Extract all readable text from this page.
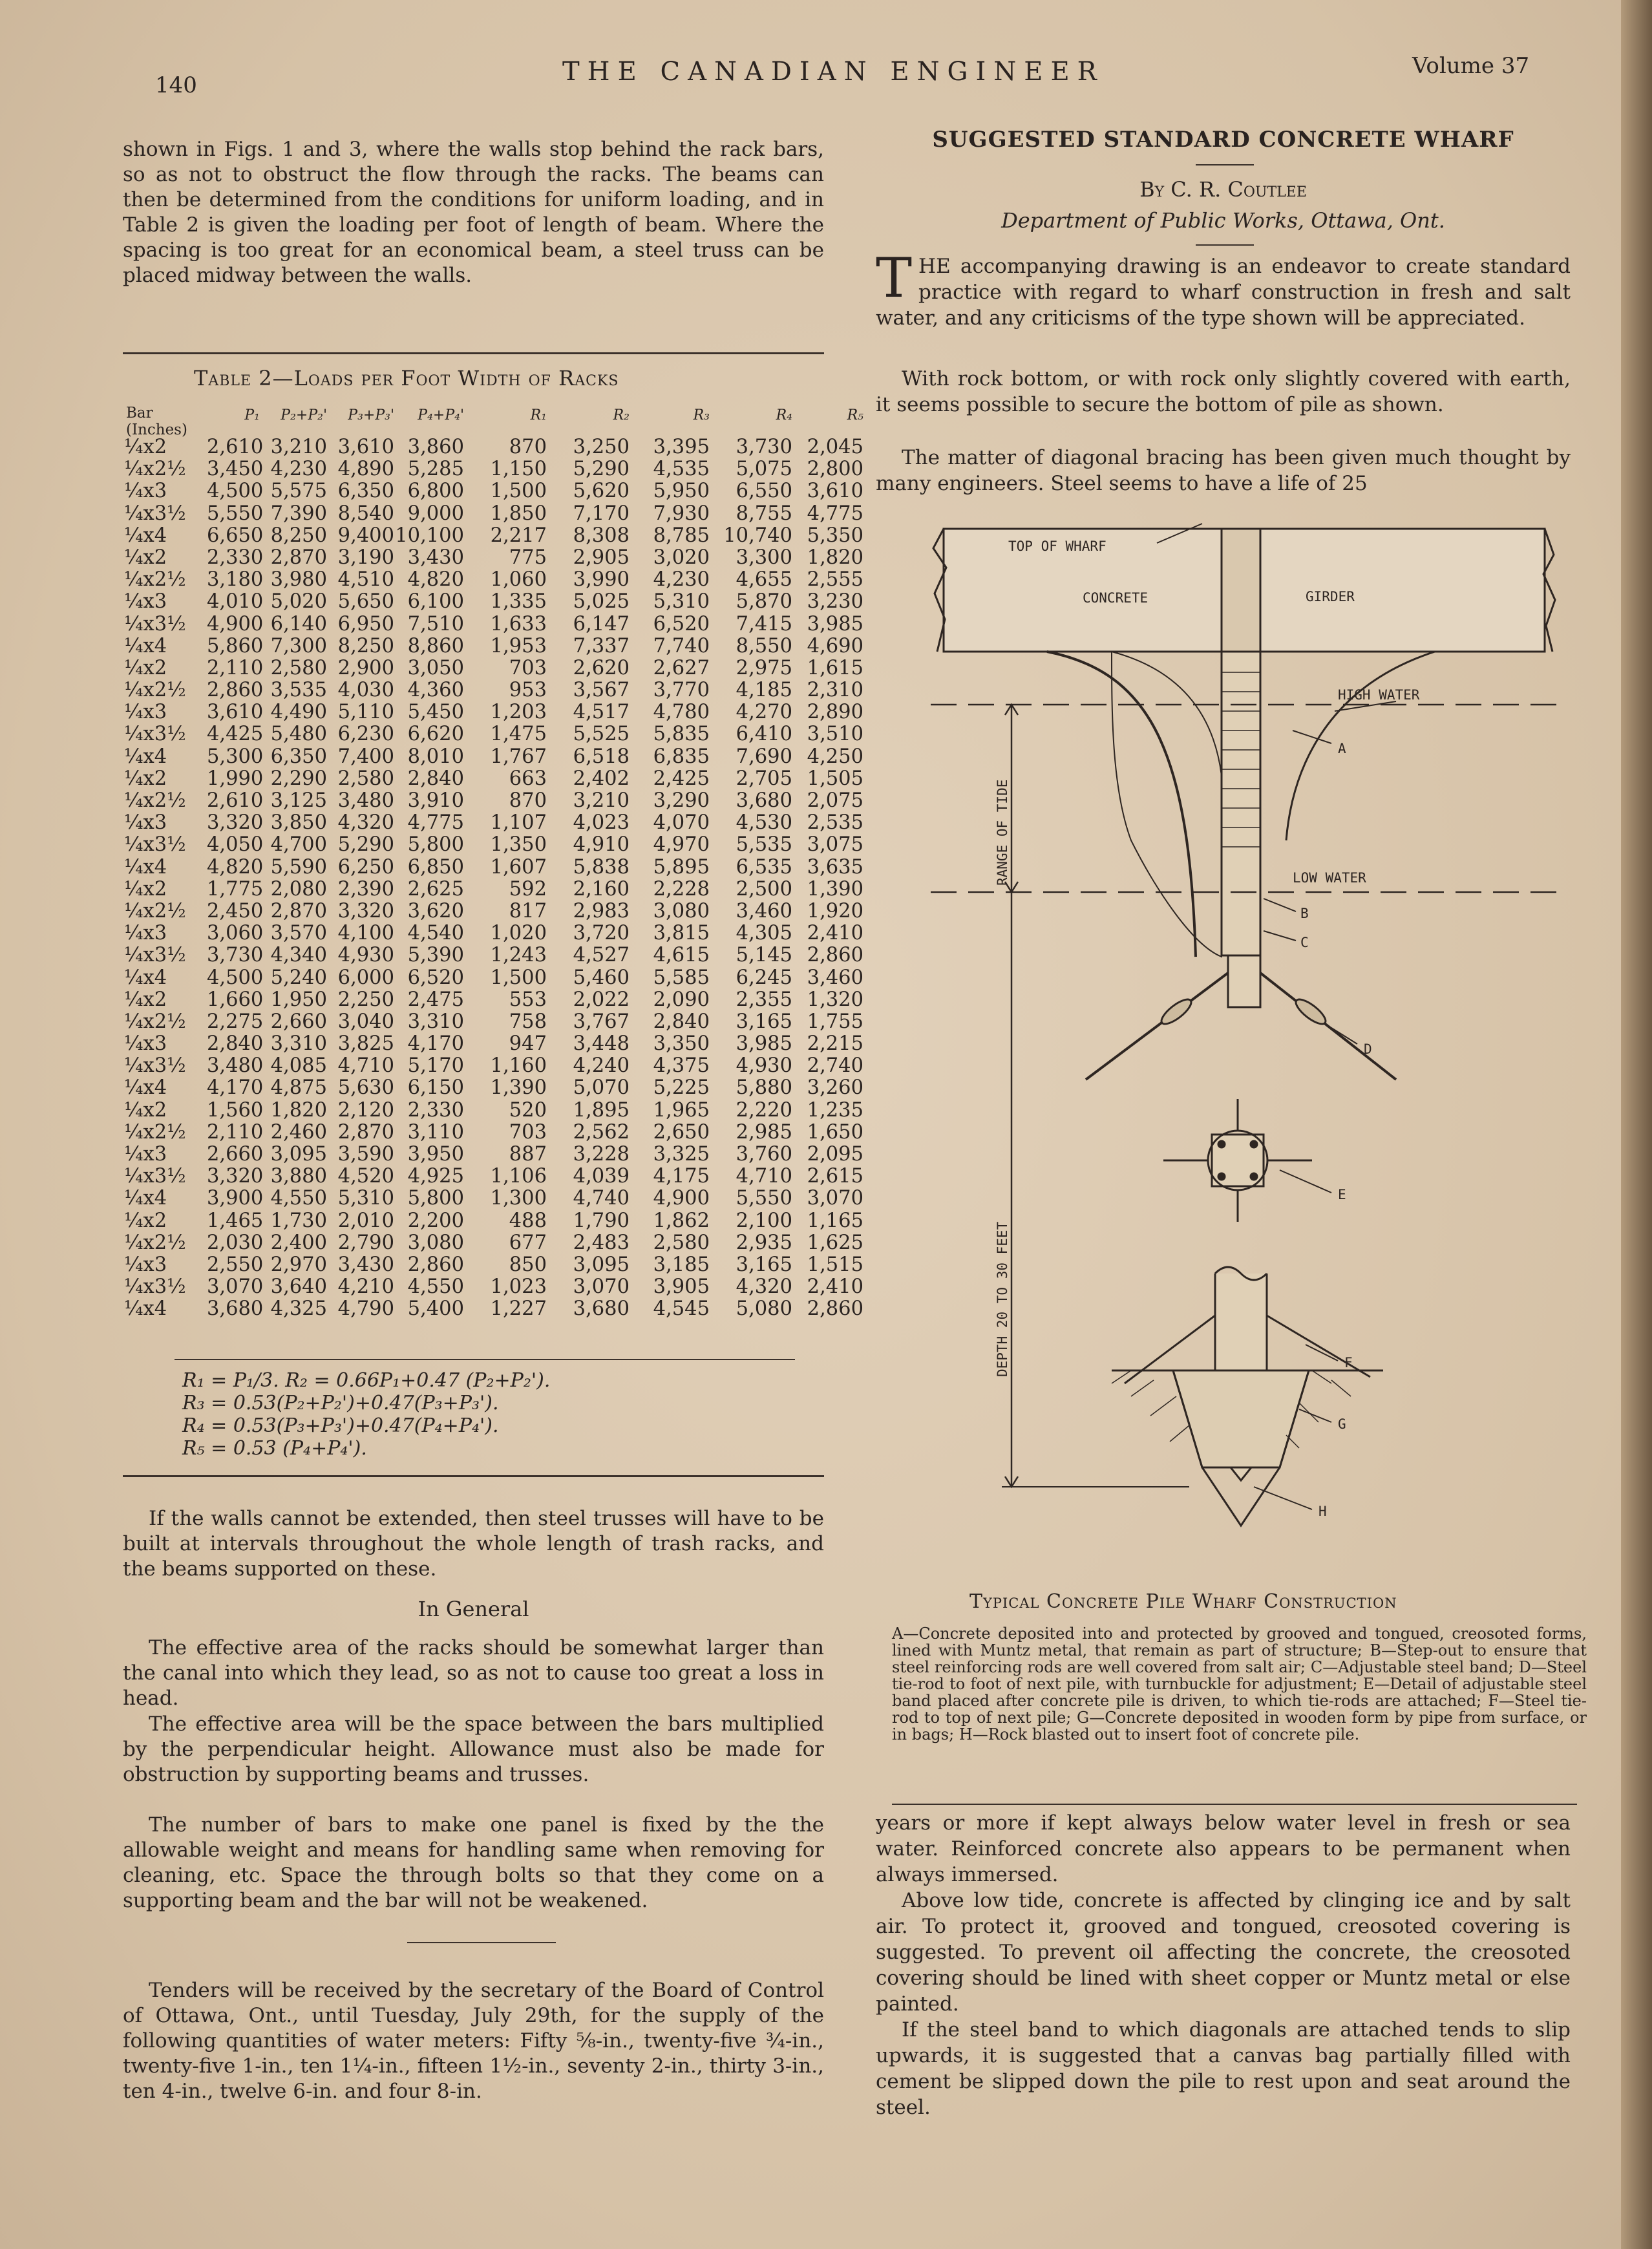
140	THE CANADIAN ENGINEER	Volume 37

shown in Figs. 1 and 3, where the walls stop behind the rack bars, so as not to obstruct the flow through the racks. The beams can then be determined from the conditions for uniform loading, and in Table 2 is given the loading per foot of length of beam. Where the spacing is too great for an economical beam, a steel truss can be placed midway between the walls.

Table 2—Loads per Foot Width of Racks
Bar
(Inches)
P₁	P₂+P₂'	P₃+P₃'	P₄+P₄'	R₁	R₂	R₃	R₄	R₅
¼x2	2,610 3,210 3,610 3,860	870	3,250	3,395	3,730 2,045
¼x2½	3,450 4,230 4,890 5,285	1,150	5,290	4,535	5,075 2,800
¼x3	4,500 5,575 6,350 6,800	1,500	5,620	5,950	6,550 3,610
¼x3½	5,550 7,390 8,540 9,000	1,850	7,170	7,930	8,755 4,775
¼x4	6,650 8,250 9,400 10,100	2,217	8,308	8,785 10,740 5,350
¼x2	2,330 2,870 3,190 3,430	775	2,905	3,020	3,300 1,820
¼x2½	3,180 3,980 4,510 4,820	1,060	3,990	4,230	4,655 2,555
¼x3	4,010 5,020 5,650 6,100	1,335	5,025	5,310	5,870 3,230
¼x3½	4,900 6,140 6,950 7,510	1,633	6,147	6,520	7,415 3,985
¼x4	5,860 7,300 8,250 8,860	1,953	7,337	7,740	8,550 4,690
¼x2	2,110 2,580 2,900 3,050	703	2,620	2,627	2,975 1,615
¼x2½	2,860 3,535 4,030 4,360	953	3,567	3,770	4,185 2,310
¼x3	3,610 4,490 5,110 5,450	1,203	4,517	4,780	4,270 2,890
¼x3½	4,425 5,480 6,230 6,620	1,475	5,525	5,835	6,410 3,510
¼x4	5,300 6,350 7,400 8,010	1,767	6,518	6,835	7,690 4,250
¼x2	1,990 2,290 2,580 2,840	663	2,402	2,425	2,705 1,505
¼x2½	2,610 3,125 3,480 3,910	870	3,210	3,290	3,680 2,075
¼x3	3,320 3,850 4,320 4,775	1,107	4,023	4,070	4,530 2,535
¼x3½	4,050 4,700 5,290 5,800	1,350	4,910	4,970	5,535 3,075
¼x4	4,820 5,590 6,250 6,850	1,607	5,838	5,895	6,535 3,635
¼x2	1,775 2,080 2,390 2,625	592	2,160	2,228	2,500 1,390
¼x2½	2,450 2,870 3,320 3,620	817	2,983	3,080	3,460 1,920
¼x3	3,060 3,570 4,100 4,540	1,020	3,720	3,815	4,305 2,410
¼x3½	3,730 4,340 4,930 5,390	1,243	4,527	4,615	5,145 2,860
¼x4	4,500 5,240 6,000 6,520	1,500	5,460	5,585	6,245 3,460
¼x2	1,660 1,950 2,250 2,475	553	2,022	2,090	2,355 1,320
¼x2½	2,275 2,660 3,040 3,310	758	3,767	2,840	3,165 1,755
¼x3	2,840 3,310 3,825 4,170	947	3,448	3,350	3,985 2,215
¼x3½	3,480 4,085 4,710 5,170	1,160	4,240	4,375	4,930 2,740
¼x4	4,170 4,875 5,630 6,150	1,390	5,070	5,225	5,880 3,260
¼x2	1,560 1,820 2,120 2,330	520	1,895	1,965	2,220 1,235
¼x2½	2,110 2,460 2,870 3,110	703	2,562	2,650	2,985 1,650
¼x3	2,660 3,095 3,590 3,950	887	3,228	3,325	3,760 2,095
¼x3½	3,320 3,880 4,520 4,925	1,106	4,039	4,175	4,710 2,615
¼x4	3,900 4,550 5,310 5,800	1,300	4,740	4,900	5,550 3,070
¼x2	1,465 1,730 2,010 2,200	488	1,790	1,862	2,100 1,165
¼x2½	2,030 2,400 2,790 3,080	677	2,483	2,580	2,935 1,625
¼x3	2,550 2,970 3,430 2,860	850	3,095	3,185	3,165 1,515
¼x3½	3,070 3,640 4,210 4,550	1,023	3,070	3,905	4,320 2,410
¼x4	3,680 4,325 4,790 5,400	1,227	3,680	4,545	5,080 2,860
R₁ = P₁/3. R₂ = 0.66P₁+0.47 (P₂+P₂').
R₃ = 0.53(P₂+P₂')+0.47(P₃+P₃').
R₄ = 0.53(P₃+P₃')+0.47(P₄+P₄').
R₅ = 0.53 (P₄+P₄').

If the walls cannot be extended, then steel trusses will have to be built at intervals throughout the whole length of trash racks, and the beams supported on these.

In General

The effective area of the racks should be somewhat larger than the canal into which they lead, so as not to cause too great a loss in head.

The effective area will be the space between the bars multiplied by the perpendicular height. Allowance must also be made for obstruction by supporting beams and trusses.

The number of bars to make one panel is fixed by the the allowable weight and means for handling same when removing for cleaning, etc. Space the through bolts so that they come on a supporting beam and the bar will not be weakened.

Tenders will be received by the secretary of the Board of Control of Ottawa, Ont., until Tuesday, July 29th, for the supply of the following quantities of water meters: Fifty ⅝-in., twenty-five ¾-in., twenty-five 1-in., ten 1¼-in., fifteen 1½-in., seventy 2-in., thirty 3-in., ten 4-in., twelve 6-in. and four 8-in.

SUGGESTED STANDARD CONCRETE WHARF

By C. R. Coutlee

Department of Public Works, Ottawa, Ont.

THE accompanying drawing is an endeavor to create standard practice with regard to wharf construction in fresh and salt water, and any criticisms of the type shown will be appreciated.

With rock bottom, or with rock only slightly covered with earth, it seems possible to secure the bottom of pile as shown.

The matter of diagonal bracing has been given much thought by many engineers. Steel seems to have a life of 25

TOP OF WHARF
CONCRETE	GIRDER
HIGH WATER
LOW WATER
RANGE OF TIDE
DEPTH 20 TO 30 FEET
A
B
C
D
E
F
G
H
Typical Concrete Pile Wharf Construction

A—Concrete deposited into and protected by grooved and tongued, creosoted forms, lined with Muntz metal, that remain as part of structure; B—Step-out to ensure that steel reinforcing rods are well covered from salt air; C—Adjustable steel band; D—Steel tie-rod to foot of next pile, with turnbuckle for adjustment; E—Detail of adjustable steel band placed after concrete pile is driven, to which tie-rods are attached; F—Steel tie-rod to top of next pile; G—Concrete deposited in wooden form by pipe from surface, or in bags; H—Rock blasted out to insert foot of concrete pile.

years or more if kept always below water level in fresh or sea water. Reinforced concrete also appears to be permanent when always immersed.

Above low tide, concrete is affected by clinging ice and by salt air. To protect it, grooved and tongued, creosoted covering is suggested. To prevent oil affecting the concrete, the creosoted covering should be lined with sheet copper or Muntz metal or else painted.

If the steel band to which diagonals are attached tends to slip upwards, it is suggested that a canvas bag partially filled with cement be slipped down the pile to rest upon and seat around the steel.
